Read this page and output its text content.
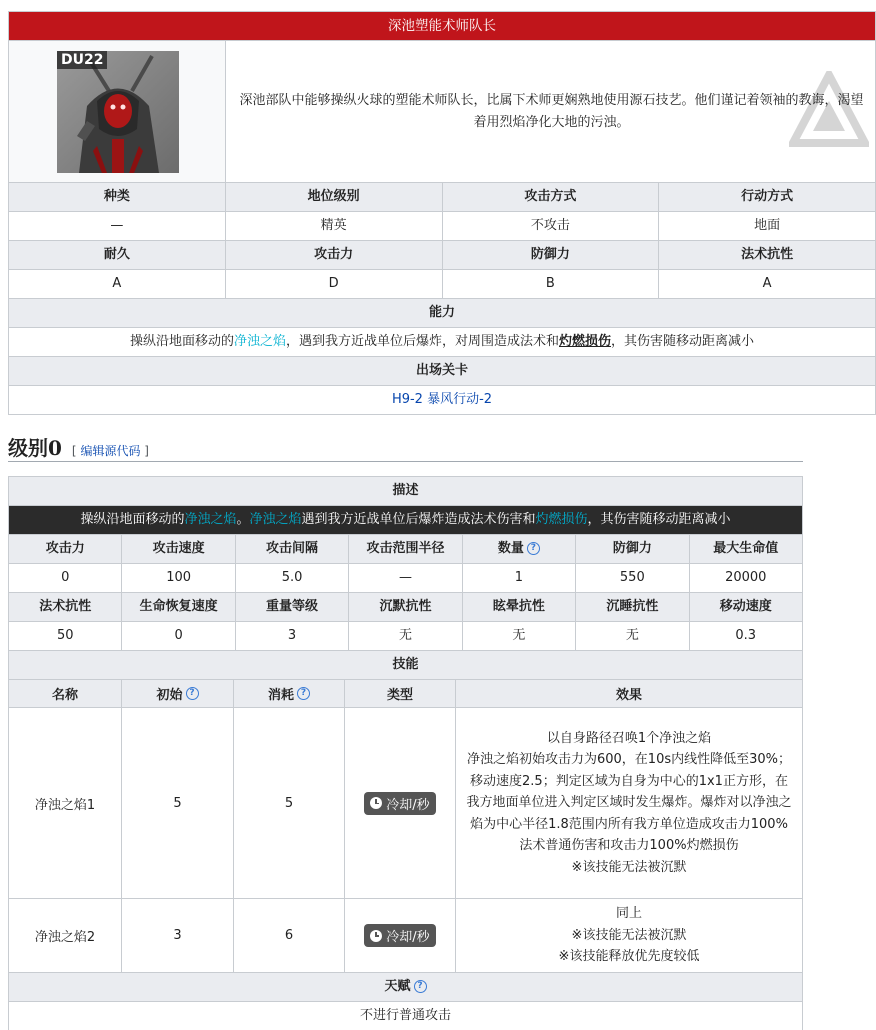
深池塑能术师队长
DU22
深池部队中能够操纵火球的塑能术师队长，比属下术师更娴熟地使用源石技艺。他们谨记着领袖的教诲，渴望着用烈焰净化大地的污浊。
种类	地位级别	攻击方式	行动方式
—	精英	不攻击	地面
耐久	攻击力	防御力	法术抗性
A	D	B	A
能力
操纵沿地面移动的净浊之焰，遇到我方近战单位后爆炸，对周围造成法术和灼燃损伤，其伤害随移动距离减小
出场关卡
H9-2 暴风行动-2
级别0 [ 编辑源代码 ]
描述
操纵沿地面移动的净浊之焰。净浊之焰遇到我方近战单位后爆炸造成法术伤害和灼燃损伤，其伤害随移动距离减小
攻击力	攻击速度	攻击间隔	攻击范围半径	数量 ?	防御力	最大生命值
0	100	5.0	—	1	550	20000
法术抗性	生命恢复速度	重量等级	沉默抗性	眩晕抗性	沉睡抗性	移动速度
50	0	3	无	无	无	0.3
技能
名称	初始 ?	消耗 ?	类型	效果
净浊之焰1	5	5	冷却/秒
以自身路径召唤1个净浊之焰
净浊之焰初始攻击力为600，在10s内线性降低至30%；移动速度2.5；判定区域为自身为中心的1x1正方形，在我方地面单位进入判定区域时发生爆炸。爆炸对以净浊之焰为中心半径1.8范围内所有我方单位造成攻击力100%法术普通伤害和攻击力100%灼燃损伤
※该技能无法被沉默
净浊之焰2	3	6	冷却/秒
同上
※该技能无法被沉默
※该技能释放优先度较低
天赋 ?
不进行普通攻击
